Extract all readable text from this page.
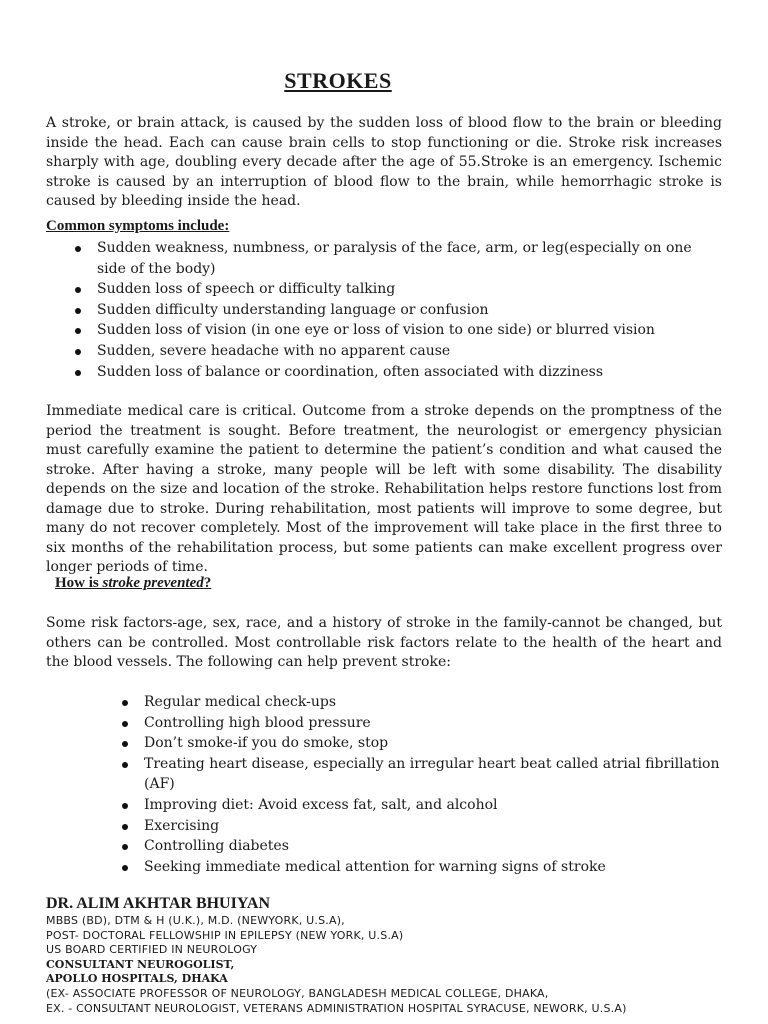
STROKES

A stroke, or brain attack, is caused by the sudden loss of blood flow to the brain or bleeding inside the head. Each can cause brain cells to stop functioning or die. Stroke risk increases sharply with age, doubling every decade after the age of 55.Stroke is an emergency. Ischemic stroke is caused by an interruption of blood flow to the brain, while hemorrhagic stroke is caused by bleeding inside the head.

Common symptoms include:
Sudden weakness, numbness, or paralysis of the face, arm, or leg(especially on one side of the body)
Sudden loss of speech or difficulty talking
Sudden difficulty understanding language or confusion
Sudden loss of vision (in one eye or loss of vision to one side) or blurred vision
Sudden, severe headache with no apparent cause
Sudden loss of balance or coordination, often associated with dizziness

Immediate medical care is critical. Outcome from a stroke depends on the promptness of the period the treatment is sought. Before treatment, the neurologist or emergency physician must carefully examine the patient to determine the patient’s condition and what caused the stroke. After having a stroke, many people will be left with some disability. The disability depends on the size and location of the stroke. Rehabilitation helps restore functions lost from damage due to stroke. During rehabilitation, most patients will improve to some degree, but many do not recover completely. Most of the improvement will take place in the first three to six months of the rehabilitation process, but some patients can make excellent progress over longer periods of time.

How is stroke prevented?

Some risk factors-age, sex, race, and a history of stroke in the family-cannot be changed, but others can be controlled. Most controllable risk factors relate to the health of the heart and the blood vessels. The following can help prevent stroke:

Regular medical check-ups
Controlling high blood pressure
Don’t smoke-if you do smoke, stop
Treating heart disease, especially an irregular heart beat called atrial fibrillation (AF)
Improving diet: Avoid excess fat, salt, and alcohol
Exercising
Controlling diabetes
Seeking immediate medical attention for warning signs of stroke
DR. ALIM AKHTAR BHUIYAN
MBBS (BD), DTM & H (U.K.), M.D. (NEWYORK, U.S.A),
POST- DOCTORAL FELLOWSHIP IN EPILEPSY (NEW YORK, U.S.A)
US BOARD CERTIFIED IN NEUROLOGY
CONSULTANT NEUROGOLIST,
APOLLO HOSPITALS, DHAKA
(EX- ASSOCIATE PROFESSOR OF NEUROLOGY, BANGLADESH MEDICAL COLLEGE, DHAKA,
EX. - CONSULTANT NEUROLOGIST, VETERANS ADMINISTRATION HOSPITAL SYRACUSE, NEWORK, U.S.A)
